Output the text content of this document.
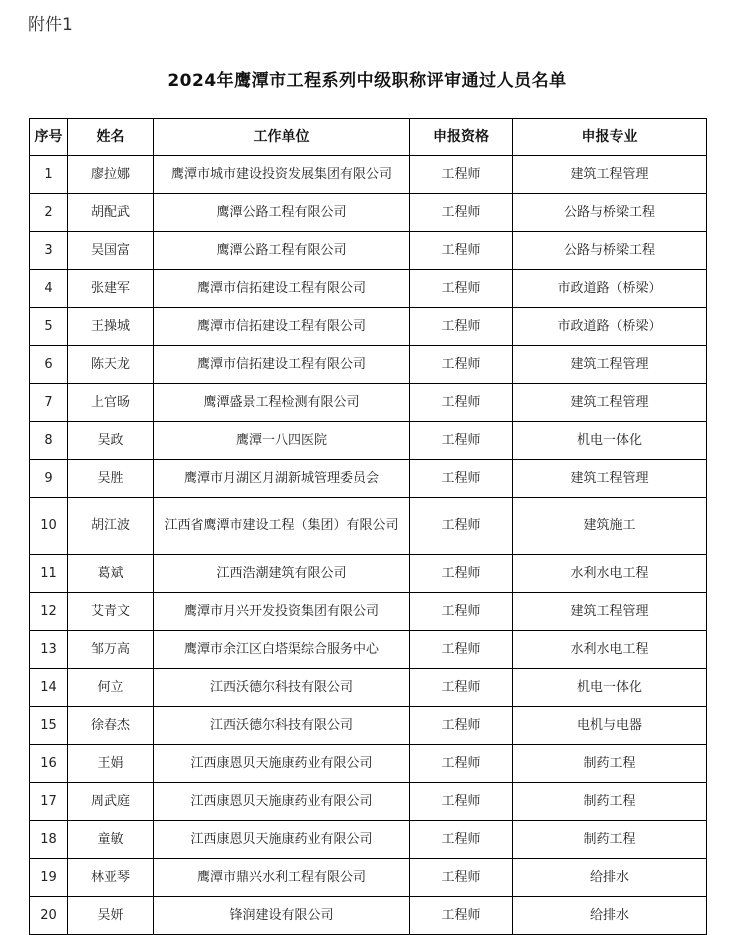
附件1
2024年鹰潭市工程系列中级职称评审通过人员名单
序号	姓名	工作单位	申报资格	申报专业
1	廖拉娜	鹰潭市城市建设投资发展集团有限公司	工程师	建筑工程管理
2	胡配武	鹰潭公路工程有限公司	工程师	公路与桥梁工程
3	吴国富	鹰潭公路工程有限公司	工程师	公路与桥梁工程
4	张建军	鹰潭市信拓建设工程有限公司	工程师	市政道路（桥梁）
5	王操城	鹰潭市信拓建设工程有限公司	工程师	市政道路（桥梁）
6	陈天龙	鹰潭市信拓建设工程有限公司	工程师	建筑工程管理
7	上官旸	鹰潭盛景工程检测有限公司	工程师	建筑工程管理
8	吴政	鹰潭一八四医院	工程师	机电一体化
9	吴胜	鹰潭市月湖区月湖新城管理委员会	工程师	建筑工程管理
10	胡江波	江西省鹰潭市建设工程（集团）有限公司	工程师	建筑施工
11	葛斌	江西浩潮建筑有限公司	工程师	水利水电工程
12	艾青文	鹰潭市月兴开发投资集团有限公司	工程师	建筑工程管理
13	邹万高	鹰潭市余江区白塔渠综合服务中心	工程师	水利水电工程
14	何立	江西沃德尔科技有限公司	工程师	机电一体化
15	徐春杰	江西沃德尔科技有限公司	工程师	电机与电器
16	王娟	江西康恩贝天施康药业有限公司	工程师	制药工程
17	周武庭	江西康恩贝天施康药业有限公司	工程师	制药工程
18	童敏	江西康恩贝天施康药业有限公司	工程师	制药工程
19	林亚琴	鹰潭市鼎兴水利工程有限公司	工程师	给排水
20	吴妍	锋润建设有限公司	工程师	给排水
